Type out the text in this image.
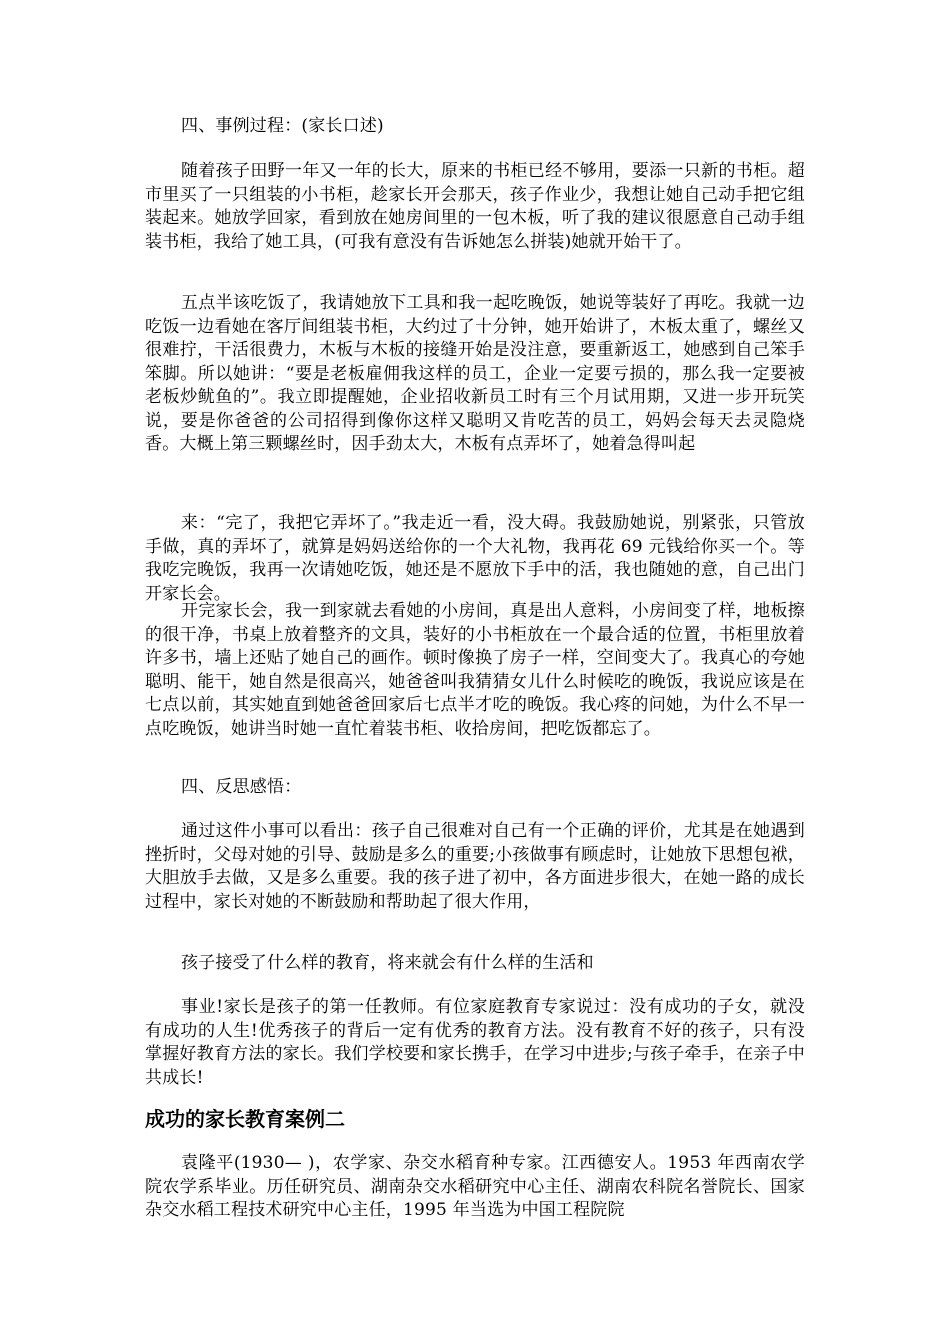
四、事例过程：(家长口述)

随着孩子田野一年又一年的长大，原来的书柜已经不够用，要添一只新的书柜。超市里买了一只组装的小书柜，趁家长开会那天，孩子作业少，我想让她自己动手把它组装起来。她放学回家，看到放在她房间里的一包木板，听了我的建议很愿意自己动手组装书柜，我给了她工具，(可我有意没有告诉她怎么拼装)她就开始干了。

五点半该吃饭了，我请她放下工具和我一起吃晚饭，她说等装好了再吃。我就一边吃饭一边看她在客厅间组装书柜，大约过了十分钟，她开始讲了，木板太重了，螺丝又很难拧，干活很费力，木板与木板的接缝开始是没注意，要重新返工，她感到自己笨手笨脚。所以她讲：“要是老板雇佣我这样的员工，企业一定要亏损的，那么我一定要被老板炒鱿鱼的”。我立即提醒她，企业招收新员工时有三个月试用期，又进一步开玩笑说，要是你爸爸的公司招得到像你这样又聪明又肯吃苦的员工，妈妈会每天去灵隐烧香。大概上第三颗螺丝时，因手劲太大，木板有点弄坏了，她着急得叫起

来：“完了，我把它弄坏了。”我走近一看，没大碍。我鼓励她说，别紧张，只管放手做，真的弄坏了，就算是妈妈送给你的一个大礼物，我再花 69 元钱给你买一个。等我吃完晚饭，我再一次请她吃饭，她还是不愿放下手中的活，我也随她的意，自己出门开家长会。

开完家长会，我一到家就去看她的小房间，真是出人意料，小房间变了样，地板擦的很干净，书桌上放着整齐的文具，装好的小书柜放在一个最合适的位置，书柜里放着许多书，墙上还贴了她自己的画作。顿时像换了房子一样，空间变大了。我真心的夸她聪明、能干，她自然是很高兴，她爸爸叫我猜猜女儿什么时候吃的晚饭，我说应该是在七点以前，其实她直到她爸爸回家后七点半才吃的晚饭。我心疼的问她，为什么不早一点吃晚饭，她讲当时她一直忙着装书柜、收拾房间，把吃饭都忘了。

四、反思感悟：

通过这件小事可以看出：孩子自己很难对自己有一个正确的评价，尤其是在她遇到挫折时，父母对她的引导、鼓励是多么的重要;小孩做事有顾虑时，让她放下思想包袱，大胆放手去做，又是多么重要。我的孩子进了初中，各方面进步很大，在她一路的成长过程中，家长对她的不断鼓励和帮助起了很大作用，

孩子接受了什么样的教育，将来就会有什么样的生活和

事业!家长是孩子的第一任教师。有位家庭教育专家说过：没有成功的子女，就没有成功的人生!优秀孩子的背后一定有优秀的教育方法。没有教育不好的孩子，只有没掌握好教育方法的家长。我们学校要和家长携手，在学习中进步;与孩子牵手，在亲子中共成长!

成功的家长教育案例二

袁隆平(1930— )，农学家、杂交水稻育种专家。江西德安人。1953 年西南农学院农学系毕业。历任研究员、湖南杂交水稻研究中心主任、湖南农科院名誉院长、国家杂交水稻工程技术研究中心主任，1995 年当选为中国工程院院
